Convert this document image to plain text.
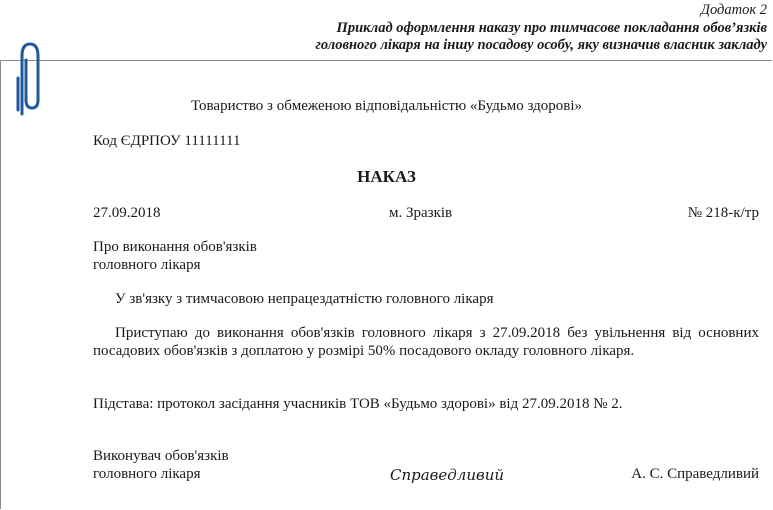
Додаток 2
Приклад оформлення наказу про тимчасове покладання обов’язків
головного лікаря на іншу посадову особу, яку визначив власник закладу
Товариство з обмеженою відповідальністю «Будьмо здорові»
Код ЄДРПОУ 11111111
НАКАЗ
27.09.2018	м. Зразків	№ 218-к/тр
Про виконання обов'язків
головного лікаря
У зв'язку з тимчасовою непрацездатністю головного лікаря

Приступаю до виконання обов'язків головного лікаря з 27.09.2018 без увільнення від основних посадових обов'язків з доплатою у розмірі 50% посадового окладу головного лікаря.

Підстава: протокол засідання учасників ТОВ «Будьмо здорові» від 27.09.2018 № 2.
Виконувач обов'язків
головного лікаря	Справедливий	А. С. Справедливий
